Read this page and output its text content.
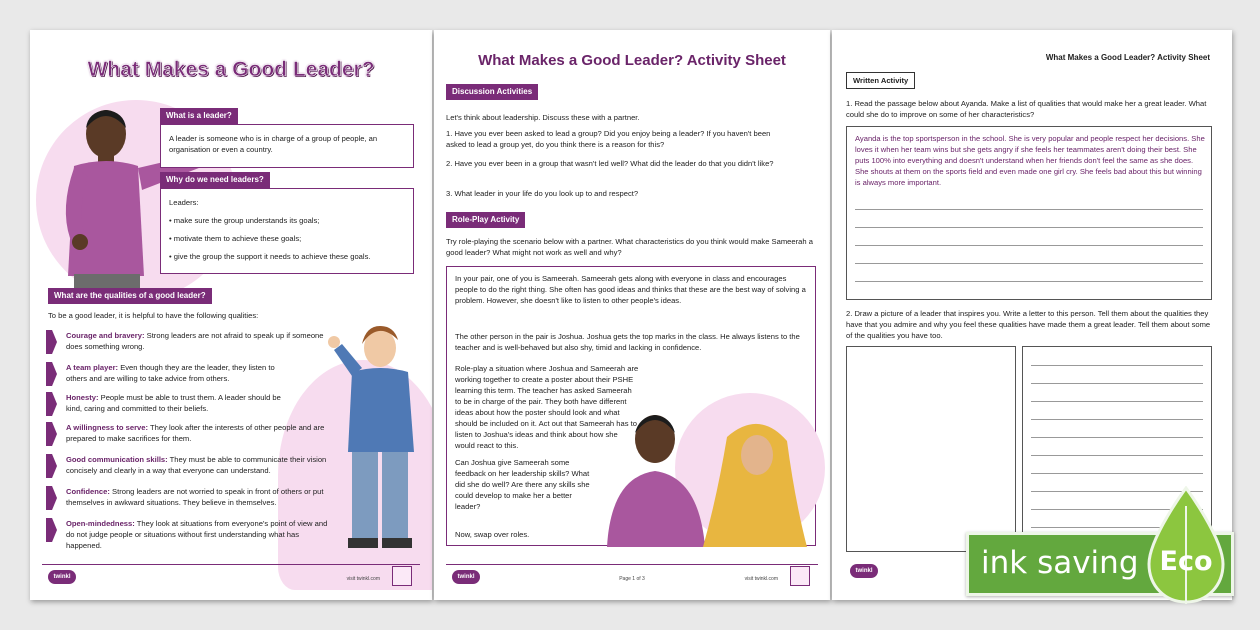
What Makes a Good Leader?
What is a leader?
A leader is someone who is in charge of a group of people, an organisation or even a country.
Why do we need leaders?
Leaders:
• make sure the group understands its goals;
• motivate them to achieve these goals;
• give the group the support it needs to achieve these goals.
What are the qualities of a good leader?
To be a good leader, it is helpful to have the following qualities:
Courage and bravery: Strong leaders are not afraid to speak up if someone does something wrong.
A team player: Even though they are the leader, they listen to others and are willing to take advice from others.
Honesty: People must be able to trust them. A leader should be kind, caring and committed to their beliefs.
A willingness to serve: They look after the interests of other people and are prepared to make sacrifices for them.
Good communication skills: They must be able to communicate their vision concisely and clearly in a way that everyone can understand.
Confidence: Strong leaders are not worried to speak in front of others or put themselves in awkward situations. They believe in themselves.
Open-mindedness: They look at situations from everyone's point of view and do not judge people or situations without first understanding what has happened.
twinkl	visit twinkl.com
What Makes a Good Leader? Activity Sheet
Discussion Activities
Let's think about leadership. Discuss these with a partner.
1. Have you ever been asked to lead a group? Did you enjoy being a leader? If you haven't been asked to lead a group yet, do you think there is a reason for this?
2. Have you ever been in a group that wasn't led well? What did the leader do that you didn't like?
3. What leader in your life do you look up to and respect?
Role-Play Activity
Try role-playing the scenario below with a partner. What characteristics do you think would make Sameerah a good leader? What might not work as well and why?
In your pair, one of you is Sameerah. Sameerah gets along with everyone in class and encourages people to do the right thing. She often has good ideas and thinks that these are the best way of solving a problem. However, she doesn't like to listen to other people's ideas.
The other person in the pair is Joshua. Joshua gets the top marks in the class. He always listens to the teacher and is well-behaved but also shy, timid and lacking in confidence.
Role-play a situation where Joshua and Sameerah are working together to create a poster about their PSHE learning this term. The teacher has asked Sameerah to be in charge of the pair. They both have different ideas about how the poster should look and what should be included on it. Act out that Sameerah has to listen to Joshua's ideas and think about how she would react to this.
Can Joshua give Sameerah some feedback on her leadership skills? What did she do well? Are there any skills she could develop to make her a better leader?
Now, swap over roles.
twinkl	Page 1 of 3	visit twinkl.com
What Makes a Good Leader? Activity Sheet
Written Activity
1. Read the passage below about Ayanda. Make a list of qualities that would make her a great leader. What could she do to improve on some of her characteristics?
Ayanda is the top sportsperson in the school. She is very popular and people respect her decisions. She loves it when her team wins but she gets angry if she feels her teammates aren't doing their best. She puts 100% into everything and doesn't understand when her friends don't feel the same as she does. She shouts at them on the sports field and even made one girl cry. She feels bad about this but winning is always more important.
2. Draw a picture of a leader that inspires you. Write a letter to this person. Tell them about the qualities they have that you admire and why you feel these qualities have made them a great leader. Tell them about some of the qualities you have too.
twinkl	ink saving Eco
